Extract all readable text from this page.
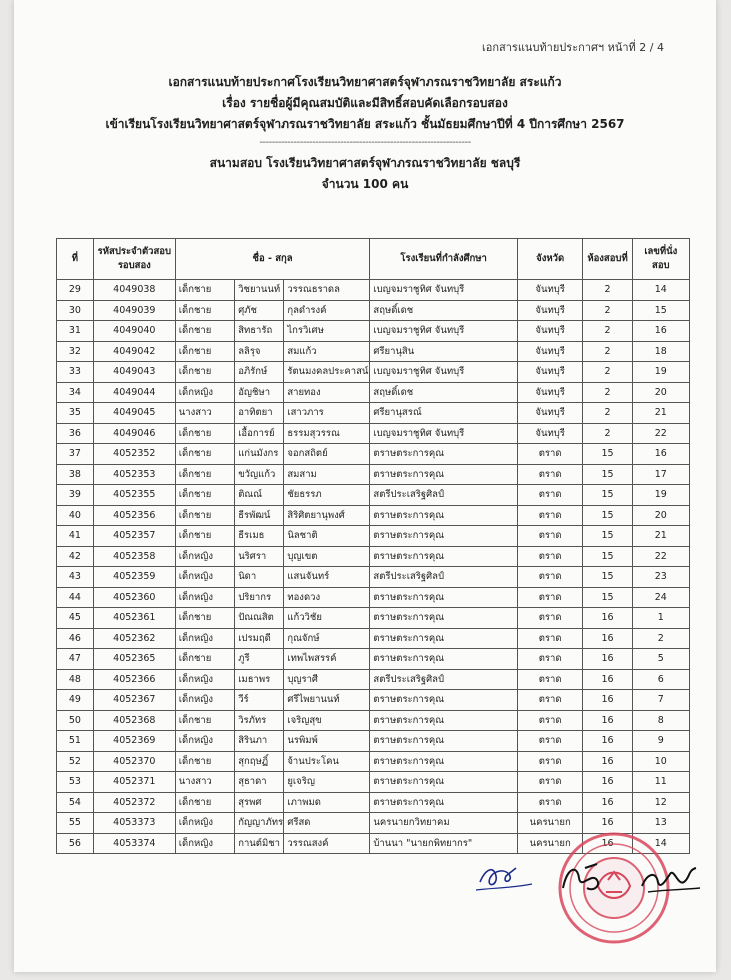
เอกสารแนบท้ายประกาศฯ หน้าที่ 2 / 4
เอกสารแนบท้ายประกาศโรงเรียนวิทยาศาสตร์จุฬาภรณราชวิทยาลัย สระแก้ว
เรื่อง รายชื่อผู้มีคุณสมบัติและมีสิทธิ์สอบคัดเลือกรอบสอง
เข้าเรียนโรงเรียนวิทยาศาสตร์จุฬาภรณราชวิทยาลัย สระแก้ว ชั้นมัธยมศึกษาปีที่ 4 ปีการศึกษา 2567
--------------------------------------------------------------------
สนามสอบ โรงเรียนวิทยาศาสตร์จุฬาภรณราชวิทยาลัย ชลบุรี
จำนวน 100 คน
ที่	รหัสประจำตัวสอบ รอบสอง	ชื่อ - สกุล			โรงเรียนที่กำลังศึกษา	จังหวัด	ห้องสอบที่	เลขที่นั่งสอบ
29	4049038	เด็กชาย	วิชยานนท์	วรรณธราดล	เบญจมราชูทิศ จันทบุรี	จันทบุรี	2	14
30	4049039	เด็กชาย	ศุภัช	กุลดำรงค์	สฤษดิ์เดช	จันทบุรี	2	15
31	4049040	เด็กชาย	สิทธารัถ	ไกรวิเศษ	เบญจมราชูทิศ จันทบุรี	จันทบุรี	2	16
32	4049042	เด็กชาย	ลลิรุจ	สมแก้ว	ศรียานุสิน	จันทบุรี	2	18
33	4049043	เด็กชาย	อภิรักษ์	รัตนมงคลประคาสน์	เบญจมราชูทิศ จันทบุรี	จันทบุรี	2	19
34	4049044	เด็กหญิง	อัญชิษา	สายทอง	สฤษดิ์เดช	จันทบุรี	2	20
35	4049045	นางสาว	อาทิตยา	เสาวภาร	ศรียานุสรณ์	จันทบุรี	2	21
36	4049046	เด็กชาย	เอื้อการย์	ธรรมสุวรรณ	เบญจมราชูทิศ จันทบุรี	จันทบุรี	2	22
37	4052352	เด็กชาย	แก่นมังกร	จอกสถิตย์	ตราษตระการคุณ	ตราด	15	16
38	4052353	เด็กชาย	ขวัญแก้ว	สมสาม	ตราษตระการคุณ	ตราด	15	17
39	4052355	เด็กชาย	ติณณ์	ชัยธรรภ	สตรีประเสริฐศิลป์	ตราด	15	19
40	4052356	เด็กชาย	ธีรพัฒน์	สิริศิตยานุพงศ์	ตราษตระการคุณ	ตราด	15	20
41	4052357	เด็กชาย	ธีรเมธ	นิลชาติ	ตราษตระการคุณ	ตราด	15	21
42	4052358	เด็กหญิง	นริศรา	บุญเขต	ตราษตระการคุณ	ตราด	15	22
43	4052359	เด็กหญิง	นิดา	แสนจันทร์	สตรีประเสริฐศิลป์	ตราด	15	23
44	4052360	เด็กหญิง	ปริยากร	ทองดวง	ตราษตระการคุณ	ตราด	15	24
45	4052361	เด็กชาย	ปัณณสิต	แก้ววิชัย	ตราษตระการคุณ	ตราด	16	1
46	4052362	เด็กหญิง	เปรมฤดี	กุณจักษ์	ตราษตระการคุณ	ตราด	16	2
47	4052365	เด็กชาย	ภูรี	เทพไพสรรค์	ตราษตระการคุณ	ตราด	16	5
48	4052366	เด็กหญิง	เมธาพร	บุญราศี	สตรีประเสริฐศิลป์	ตราด	16	6
49	4052367	เด็กหญิง	วีร์	ศรีไพยานนท์	ตราษตระการคุณ	ตราด	16	7
50	4052368	เด็กชาย	วิรภัทร	เจริญสุข	ตราษตระการคุณ	ตราด	16	8
51	4052369	เด็กหญิง	สิรินภา	นรพิมพ์	ตราษตระการคุณ	ตราด	16	9
52	4052370	เด็กชาย	สุกฤษฏิ์	จ้านประโคน	ตราษตระการคุณ	ตราด	16	10
53	4052371	นางสาว	สุธาดา	ยูเจริญ	ตราษตระการคุณ	ตราด	16	11
54	4052372	เด็กชาย	สุรพศ	เภาพมด	ตราษตระการคุณ	ตราด	16	12
55	4053373	เด็กหญิง	กัญญาภัทร	ศรีสด	นครนายกวิทยาคม	นครนายก	16	13
56	4053374	เด็กหญิง	กานต์มิชา	วรรณสงค์	บ้านนา "นายกพิทยากร"	นครนายก	16	14
